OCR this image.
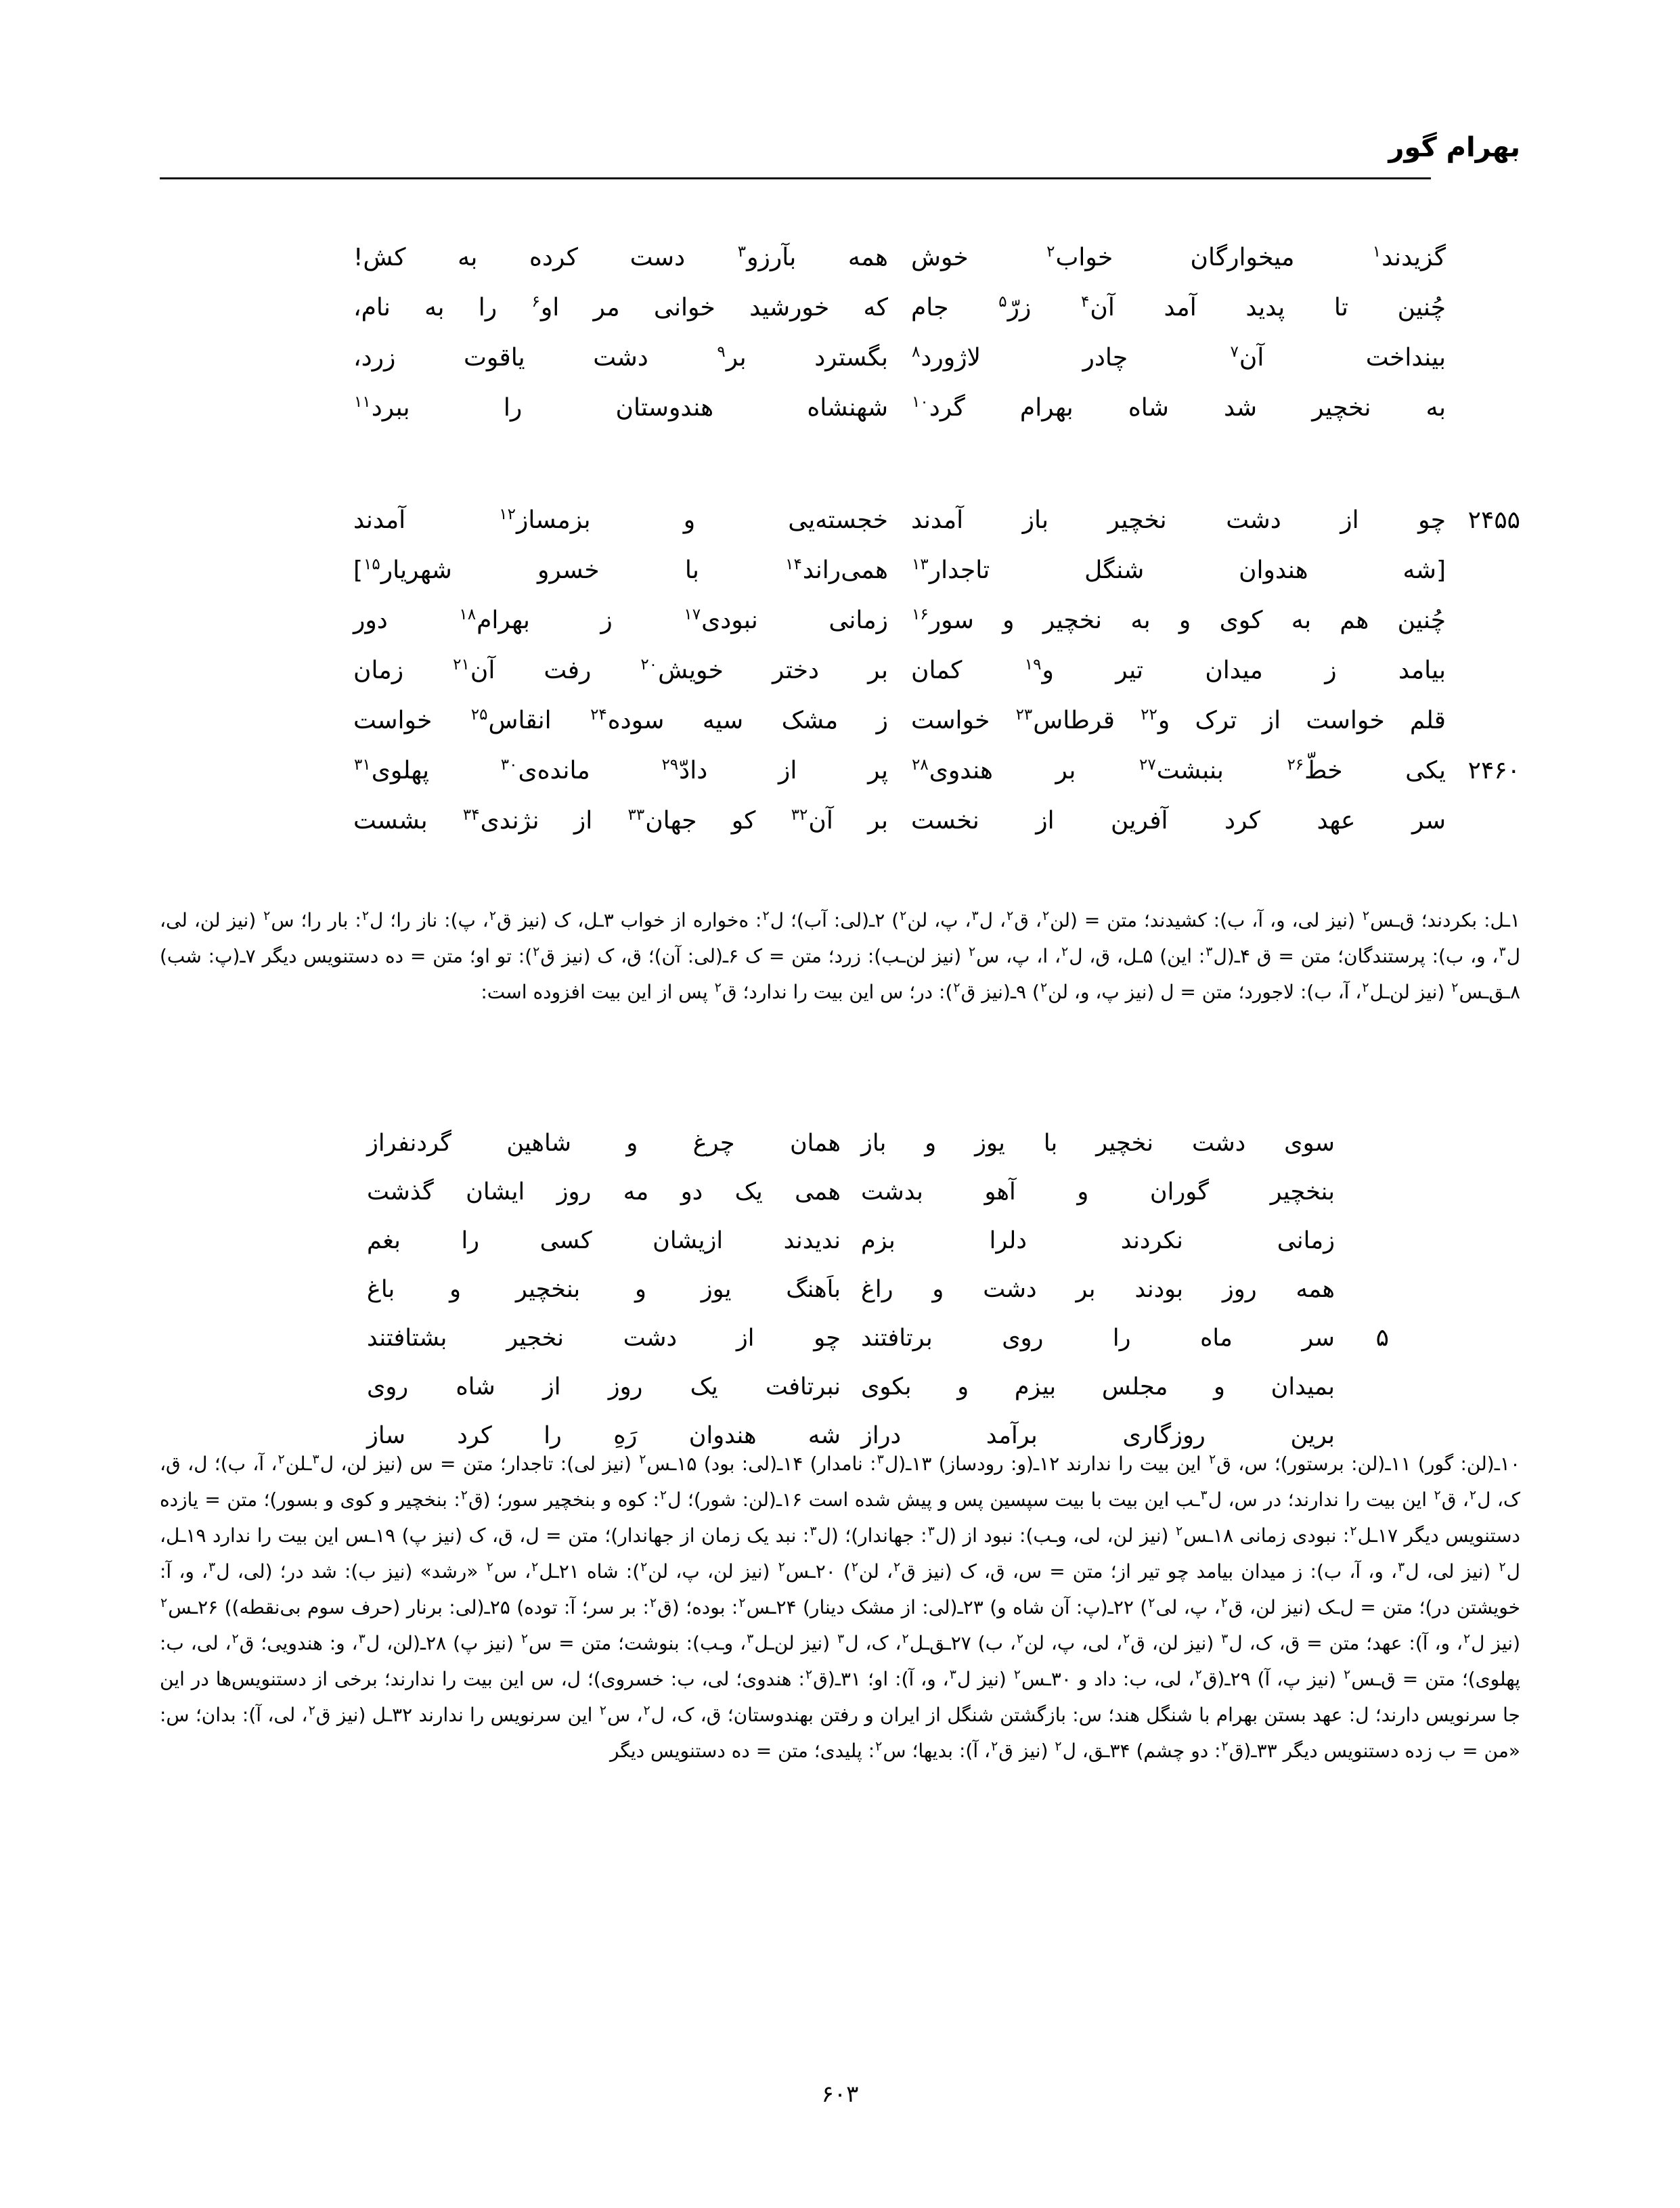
بهرام گور
گزیدند$^۱$ میخوارگان خواب$^۲$ خوش
همه بآرزو$^۳$ دست کرده به کش!
چُنین تا پدید آمد آن$^۴$ زرّ$^۵$ جام
که خورشید خوانی مر او$^۶$ را به نام،
بینداخت آن$^۷$ چادر لاژورد$^۸$
بگسترد بر$^۹$ دشت یاقوت زرد،
به نخچیر شد شاه بهرام گرد$^{۱۰}$
شهنشاه هندوستان را ببرد$^{۱۱}$
۲۴۵۵
چو از دشت نخچیر باز آمدند
خجسته‌یی و بزمساز$^{۱۲}$ آمدند
[شه هندوان شنگل تاجدار$^{۱۳}$
همی‌راند$^{۱۴}$ با خسرو شهریار$^{۱۵}$]
چُنین هم به کوی و به نخچیر و سور$^{۱۶}$
زمانی نبودی$^{۱۷}$ ز بهرام$^{۱۸}$ دور
بیامد ز میدان تیر و$^{۱۹}$ کمان
بر دختر خویش$^{۲۰}$ رفت آن$^{۲۱}$ زمان
قلم خواست از ترک و$^{۲۲}$ قرطاس$^{۲۳}$ خواست
ز مشک سیه سوده$^{۲۴}$ انقاس$^{۲۵}$ خواست
۲۴۶۰
یکی خطّ$^{۲۶}$ بنبشت$^{۲۷}$ بر هندوی$^{۲۸}$
پر از دادّ$^{۲۹}$ مانده‌ی$^{۳۰}$ پهلوی$^{۳۱}$
سر عهد کرد آفرین از نخست
بر آن$^{۳۲}$ کو جهان$^{۳۳}$ از نژندی$^{۳۴}$ بشست
۱ـل: بکردند؛ ق‌ـس$^۲$ (نیز لی، و، آ، ب): کشیدند؛ متن = (لن$^۲$، ق$^۲$، ل$^۳$، پ، لن$^۲$) ۲ـ(لی: آب)؛ ل$^۲$: ه‌خواره از خواب ۳ـل، ک (نیز ق$^۲$، پ): ناز را؛ ل$^۲$: بار را؛ س$^۲$ (نیز لن، لی، ل$^۳$، و، ب): پرستندگان؛ متن = ق ۴ـ(ل$^۳$: این) ۵ـل، ق، ل$^۲$، ا، پ، س$^۲$ (نیز لن‌ـب): زرد؛ متن = ک ۶ـ(لی: آن)؛ ق، ک (نیز ق$^۲$): تو او؛ متن = ده دستنویس دیگر ۷ـ(پ: شب) ۸ـق‌ـس$^۲$ (نیز لن‌ـل$^۲$، آ، ب): لاجورد؛ متن = ل (نیز پ، و، لن$^۲$) ۹ـ(نیز ق$^۲$): در؛ س این بیت را ندارد؛ ق$^۲$ پس از این بیت افزوده است:
سوی دشت نخچیر با یوز و باز
همان چرغ و شاهین گردنفراز
بنخچیر گوران و آهو بدشت
همی یک دو مه روز ایشان گذشت
زمانی نکردند دلرا بزم
ندیدند ازیشان کسی را بغم
همه روز بودند بر دشت و راغ
باَهنگ یوز و بنخچیر و باغ
۵
سر ماه را روی برتافتند
چو از دشت نخجیر بشتافتند
بمیدان و مجلس بیزم و بکوی
نبرتافت یک روز از شاه روی
برین روزگاری برآمد دراز
شه هندوان رَهِ را کرد ساز
۱۰ـ(لن: گور) ۱۱ـ(لن: برستور)؛ س، ق$^۲$ این بیت را ندارند ۱۲ـ(و: رودساز) ۱۳ـ(ل$^۳$: نامدار) ۱۴ـ(لی: بود) ۱۵ـس$^۲$ (نیز لی): تاجدار؛ متن = س (نیز لن، ل$^۳$ـلن$^۲$، آ، ب)؛ ل، ق، ک، ل$^۲$، ق$^۲$ این بیت را ندارند؛ در س، ل$^۳$ـب این بیت با بیت سپسین پس و پیش شده است ۱۶ـ(لن: شور)؛ ل$^۲$: کوه و بنخچیر سور؛ (ق$^۲$: بنخچیر و کوی و بسور)؛ متن = یازده دستنویس دیگر ۱۷ـل$^۲$: نبودی زمانی ۱۸ـس$^۲$ (نیز لن، لی، و‌ـب): نبود از (ل$^۳$: جهاندار)؛ (ل$^۳$: نبد یک زمان از جهاندار)؛ متن = ل، ق، ک (نیز پ) ۱۹ـس این بیت را ندارد ۱۹ـل، ل$^۲$ (نیز لی، ل$^۳$، و، آ، ب): ز میدان بیامد چو تیر از؛ متن = س، ق، ک (نیز ق$^۲$، لن$^۲$) ۲۰ـس$^۲$ (نیز لن، پ، لن$^۲$): شاه ۲۱ـل$^۲$، س$^۲$ «رشد» (نیز ب): شد در؛ (لی، ل$^۳$، و، آ: خویشتن در)؛ متن = ل‌ـک (نیز لن، ق$^۲$، پ، لی$^۲$) ۲۲ـ(پ: آن شاه و) ۲۳ـ(لی: از مشک دینار) ۲۴ـس$^۲$: بوده؛ (ق$^۲$: بر سر؛ آ: توده) ۲۵ـ(لی: برنار (حرف سوم بی‌نقطه)) ۲۶ـس$^۲$ (نیز ل$^۲$، و، آ): عهد؛ متن = ق، ک، ل$^۳$ (نیز لن، ق$^۲$، لی، پ، لن$^۲$، ب) ۲۷ـق‌ـل$^۲$، ک، ل$^۳$ (نیز لن‌ـل$^۳$، و‌ـب): بنوشت؛ متن = س$^۲$ (نیز پ) ۲۸ـ(لن، ل$^۳$، و: هندویی؛ ق$^۲$، لی، ب: پهلوی)؛ متن = ق‌ـس$^۲$ (نیز پ، آ) ۲۹ـ(ق$^۲$، لی، ب: داد و ۳۰ـس$^۲$ (نیز ل$^۳$، و، آ): او؛ ۳۱ـ(ق$^۲$: هندوی؛ لی، ب: خسروی)؛ ل، س این بیت را ندارند؛ برخی از دستنویس‌ها در این جا سرنویس دارند؛ ل: عهد بستن بهرام با شنگل هند؛ س: بازگشتن شنگل از ایران و رفتن بهندوستان؛ ق، ک، ل$^۲$، س$^۲$ این سرنویس را ندارند ۳۲ـل (نیز ق$^۲$، لی، آ): بدان؛ س: «من = ب زده دستنویس دیگر ۳۳ـ(ق$^۲$: دو چشم) ۳۴ـق، ل$^۲$ (نیز ق$^۲$، آ): بدیها؛ س$^۲$: پلیدی؛ متن = ده دستنویس دیگر
۶۰۳
